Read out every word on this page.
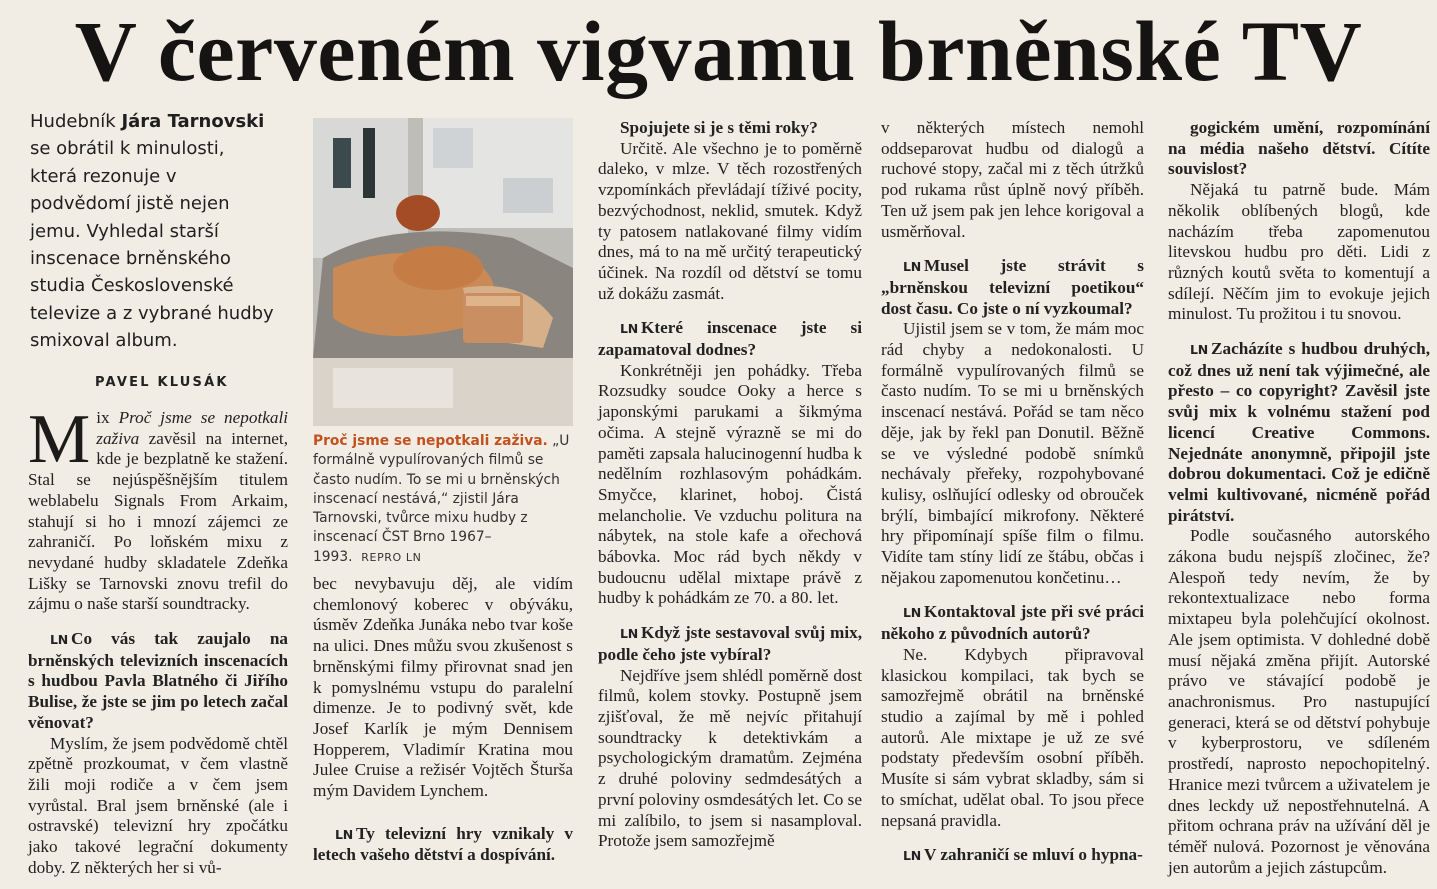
V červeném vigvamu brněnské TV
Hudebník Jára Tarnovski se obrátil k minulosti, která rezonuje v podvědomí jistě nejen jemu. Vyhledal starší inscenace brněnského studia Československé televize a z vybrané hudby smixoval album.
PAVEL KLUSÁK

Mix Proč jsme se nepotkali zaživa zavěsil na internet, kde je bezplatně ke stažení. Stal se nejúspěšnějším titulem weblabelu Signals From Arkaim, stahují si ho i mnozí zájemci ze zahraničí. Po loňském mixu z nevydané hudby skladatele Zdeňka Lišky se Tarnovski znovu trefil do zájmu o naše starší soundtracky.

LN Co vás tak zaujalo na brněnských televizních inscenacích s hudbou Pavla Blatného či Jiřího Bulise, že jste se jim po letech začal věnovat?

Myslím, že jsem podvědomě chtěl zpětně prozkoumat, v čem vlastně žili moji rodiče a v čem jsem vyrůstal. Bral jsem brněnské (ale i ostravské) televizní hry zpočátku jako takové legrační dokumenty doby. Z některých her si vů-

Proč jsme se nepotkali zaživa. „U formálně vypulírovaných filmů se často nudím. To se mi u brněnských inscenací nestává,“ zjistil Jára Tarnovski, tvůrce mixu hudby z inscenací ČST Brno 1967–1993. REPRO LN

bec nevybavuju děj, ale vidím chemlonový koberec v obýváku, úsměv Zdeňka Junáka nebo tvar koše na ulici. Dnes můžu svou zkušenost s brněnskými filmy přirovnat snad jen k pomyslnému vstupu do paralelní dimenze. Je to podivný svět, kde Josef Karlík je mým Dennisem Hopperem, Vladimír Kratina mou Julee Cruise a režisér Vojtěch Šturša mým Davidem Lynchem.

LN Ty televizní hry vznikaly v letech vašeho dětství a dospívání.

Spojujete si je s těmi roky?

Určitě. Ale všechno je to poměrně daleko, v mlze. V těch rozostřených vzpomínkách převládají tíživé pocity, bezvýchodnost, neklid, smutek. Když ty patosem natlakované filmy vidím dnes, má to na mě určitý terapeutický účinek. Na rozdíl od dětství se tomu už dokážu zasmát.

LN Které inscenace jste si zapamatoval dodnes?

Konkrétněji jen pohádky. Třeba Rozsudky soudce Ooky a herce s japonskými parukami a šikmýma očima. A stejně výrazně se mi do paměti zapsala halucinogenní hudba k nedělním rozhlasovým pohádkám. Smyčce, klarinet, hoboj. Čistá melancholie. Ve vzduchu politura na nábytek, na stole kafe a ořechová bábovka. Moc rád bych někdy v budoucnu udělal mixtape právě z hudby k pohádkám ze 70. a 80. let.

LN Když jste sestavoval svůj mix, podle čeho jste vybíral?

Nejdříve jsem shlédl poměrně dost filmů, kolem stovky. Postupně jsem zjišťoval, že mě nejvíc přitahují soundtracky k detektivkám a psychologickým dramatům. Zejména z druhé poloviny sedmdesátých a první poloviny osmdesátých let. Co se mi zalíbilo, to jsem si nasamploval. Protože jsem samozřejmě

v některých místech nemohl oddseparovat hudbu od dialogů a ruchové stopy, začal mi z těch útržků pod rukama růst úplně nový příběh. Ten už jsem pak jen lehce korigoval a usměrňoval.

LN Musel jste strávit s „brněnskou televizní poetikou“ dost času. Co jste o ní vyzkoumal?

Ujistil jsem se v tom, že mám moc rád chyby a nedokonalosti. U formálně vypulírovaných filmů se často nudím. To se mi u brněnských inscenací nestává. Pořád se tam něco děje, jak by řekl pan Donutil. Běžně se ve výsledné podobě snímků nechávaly přeřeky, rozpohybované kulisy, oslňující odlesky od obrouček brýlí, bimbající mikrofony. Některé hry připomínají spíše film o filmu. Vidíte tam stíny lidí ze štábu, občas i nějakou zapomenutou končetinu…

LN Kontaktoval jste při své práci někoho z původních autorů?

Ne. Kdybych připravoval klasickou kompilaci, tak bych se samozřejmě obrátil na brněnské studio a zajímal by mě i pohled autorů. Ale mixtape je už ze své podstaty především osobní příběh. Musíte si sám vybrat skladby, sám si to smíchat, udělat obal. To jsou přece nepsaná pravidla.

LN V zahraničí se mluví o hypna-

gogickém umění, rozpomínání na média našeho dětství. Cítíte souvislost?

Nějaká tu patrně bude. Mám několik oblíbených blogů, kde nacházím třeba zapomenutou litevskou hudbu pro děti. Lidi z různých koutů světa to komentují a sdílejí. Něčím jim to evokuje jejich minulost. Tu prožitou i tu snovou.

LN Zacházíte s hudbou druhých, což dnes už není tak výjimečné, ale přesto – co copyright? Zavěsil jste svůj mix k volnému stažení pod licencí Creative Commons. Nejednáte anonymně, připojil jste dobrou dokumentaci. Což je edičně velmi kultivované, nicméně pořád pirátství.

Podle současného autorského zákona budu nejspíš zločinec, že? Alespoň tedy nevím, že by rekontextualizace nebo forma mixtapeu byla polehčující okolnost. Ale jsem optimista. V dohledné době musí nějaká změna přijít. Autorské právo ve stávající podobě je anachronismus. Pro nastupující generaci, která se od dětství pohybuje v kyberprostoru, ve sdíleném prostředí, naprosto nepochopitelný. Hranice mezi tvůrcem a uživatelem je dnes leckdy už nepostřehnutelná. A přitom ochrana práv na užívání děl je téměř nulová. Pozornost je věnována jen autorům a jejich zástupcům.
